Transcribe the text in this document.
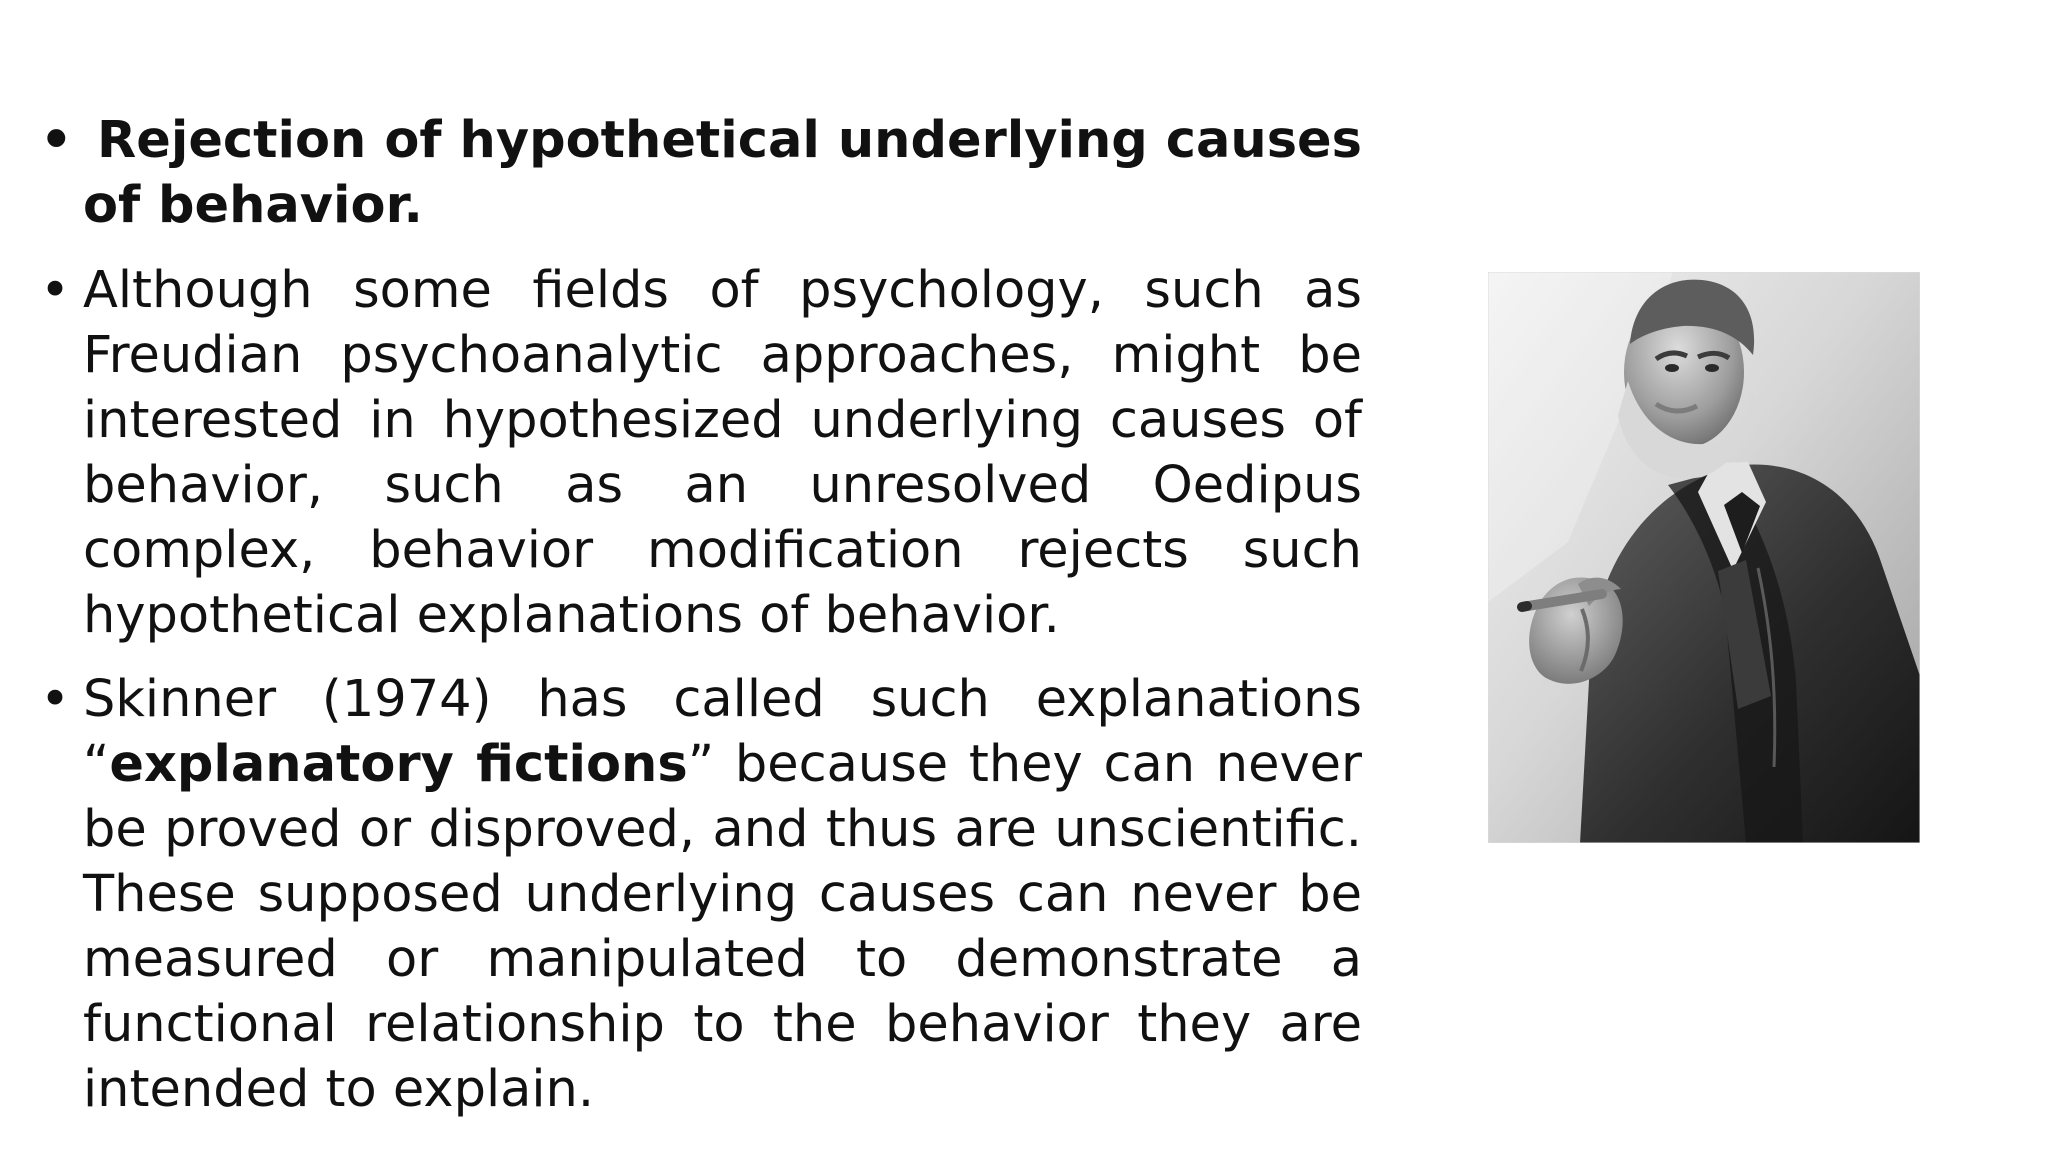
• Rejection of hypothetical underlying causes of behavior.
• Although some fields of psychology, such as Freudian psychoanalytic approaches, might be interested in hypothesized underlying causes of behavior, such as an unresolved Oedipus complex, behavior modification rejects such hypothetical explanations of behavior.
• Skinner (1974) has called such explanations “explanatory fictions” because they can never be proved or disproved, and thus are unscientific. These supposed underlying causes can never be measured or manipulated to demonstrate a functional relationship to the behavior they are intended to explain.
